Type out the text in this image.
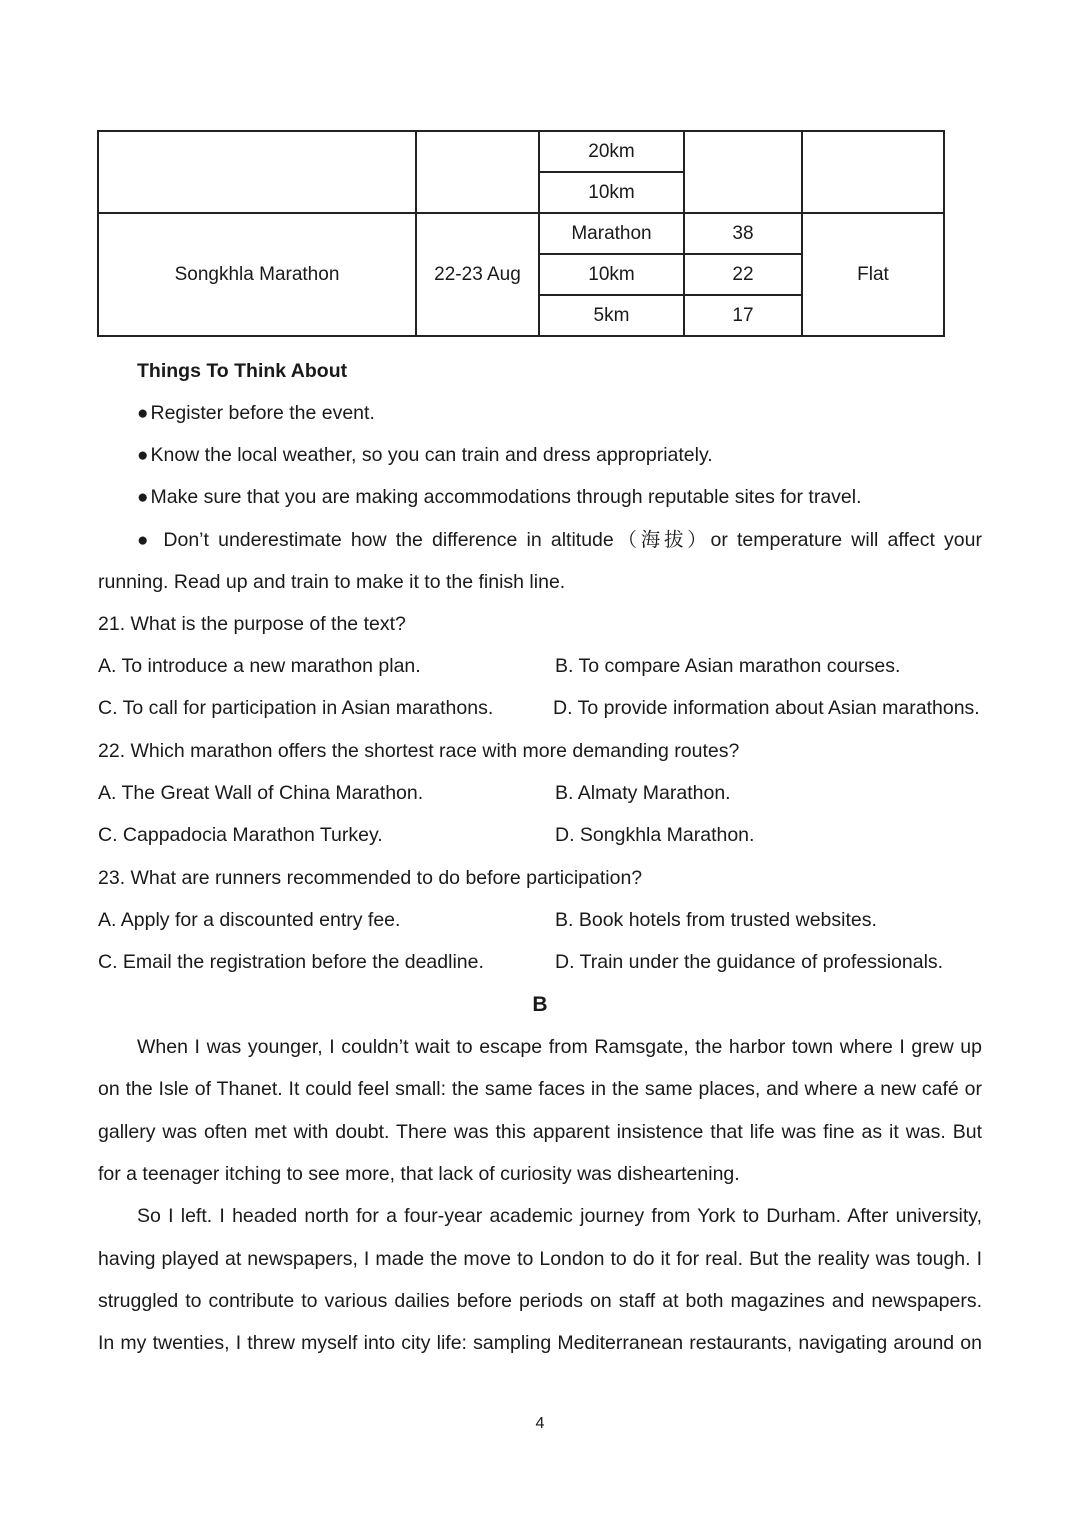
		20km		
		10km		
Songkhla Marathon	22-23 Aug	Marathon	38	Flat
		10km	22	
		5km	17	
Things To Think About
● Register before the event.
● Know the local weather, so you can train and dress appropriately.
● Make sure that you are making accommodations through reputable sites for travel.
● Don’t underestimate how the difference in altitude（海拔）or temperature will affect your
running. Read up and train to make it to the finish line.
21. What is the purpose of the text?
A. To introduce a new marathon plan.	B. To compare Asian marathon courses.
C. To call for participation in Asian marathons.	D. To provide information about Asian marathons.
22. Which marathon offers the shortest race with more demanding routes?
A. The Great Wall of China Marathon.	B. Almaty Marathon.
C. Cappadocia Marathon Turkey.	D. Songkhla Marathon.
23. What are runners recommended to do before participation?
A. Apply for a discounted entry fee.	B. Book hotels from trusted websites.
C. Email the registration before the deadline.	D. Train under the guidance of professionals.
B
When I was younger, I couldn’t wait to escape from Ramsgate, the harbor town where I grew up
on the Isle of Thanet. It could feel small: the same faces in the same places, and where a new café or
gallery was often met with doubt. There was this apparent insistence that life was fine as it was. But
for a teenager itching to see more, that lack of curiosity was disheartening.
So I left. I headed north for a four-year academic journey from York to Durham. After university,
having played at newspapers, I made the move to London to do it for real. But the reality was tough. I
struggled to contribute to various dailies before periods on staff at both magazines and newspapers.
In my twenties, I threw myself into city life: sampling Mediterranean restaurants, navigating around on
4
